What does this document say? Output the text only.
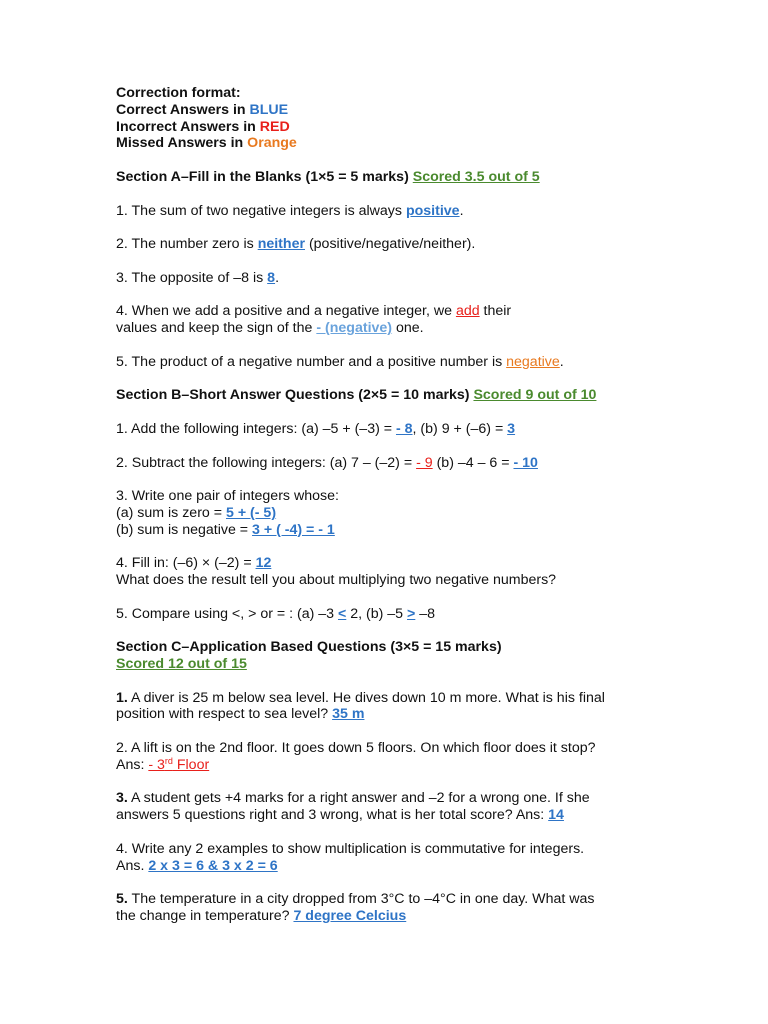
Correction format:
Correct Answers in BLUE
Incorrect Answers in RED
Missed Answers in Orange
Section A–Fill in the Blanks (1×5 = 5 marks) Scored 3.5 out of 5
1. The sum of two negative integers is always positive.
2. The number zero is neither (positive/negative/neither).
3. The opposite of –8 is 8.
4. When we add a positive and a negative integer, we add their
values and keep the sign of the - (negative) one.
5. The product of a negative number and a positive number is negative.
Section B–Short Answer Questions (2×5 = 10 marks) Scored 9 out of 10
1. Add the following integers: (a) –5 + (–3) = - 8, (b) 9 + (–6) = 3
2. Subtract the following integers: (a) 7 – (–2) = - 9 (b) –4 – 6 = - 10
3. Write one pair of integers whose:
(a) sum is zero = 5 + (- 5)
(b) sum is negative = 3 + ( -4) = - 1
4. Fill in: (–6) × (–2) = 12
What does the result tell you about multiplying two negative numbers?
5. Compare using <, > or = : (a) –3 < 2, (b) –5 > –8
Section C–Application Based Questions (3×5 = 15 marks)
Scored 12 out of 15
1. A diver is 25 m below sea level. He dives down 10 m more. What is his final
position with respect to sea level? 35 m
2. A lift is on the 2nd floor. It goes down 5 floors. On which floor does it stop?
Ans: - 3rd Floor
3. A student gets +4 marks for a right answer and –2 for a wrong one. If she
answers 5 questions right and 3 wrong, what is her total score? Ans: 14
4. Write any 2 examples to show multiplication is commutative for integers.
Ans. 2 x 3 = 6 & 3 x 2 = 6
5. The temperature in a city dropped from 3°C to –4°C in one day. What was
the change in temperature? 7 degree Celcius
